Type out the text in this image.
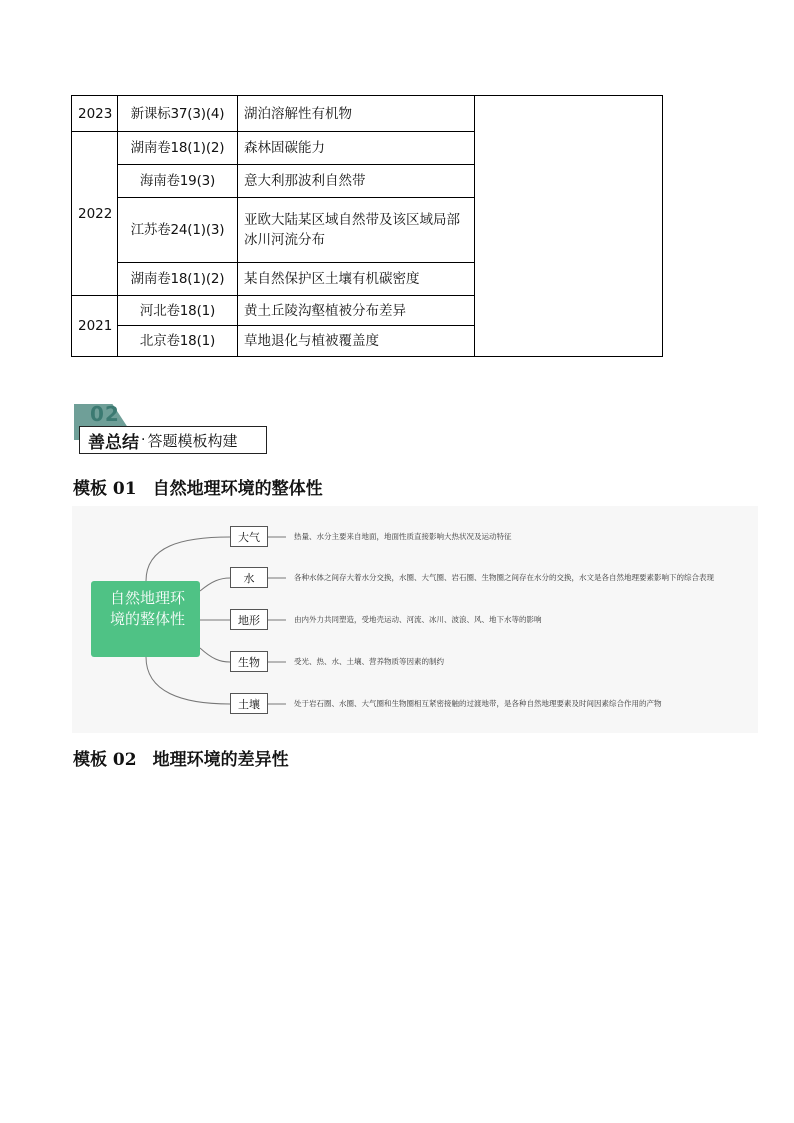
2023	新课标37(3)(4)	湖泊溶解性有机物	
2022	湖南卷18(1)(2)	森林固碳能力	
	海南卷19(3)	意大利那波利自然带	
	江苏卷24(1)(3)	亚欧大陆某区域自然带及该区域局部冰川河流分布	
	湖南卷18(1)(2)	某自然保护区土壤有机碳密度	
2021	河北卷18(1)	黄土丘陵沟壑植被分布差异	
	北京卷18(1)	草地退化与植被覆盖度	
02
善总结 · 答题模板构建
模板 01 自然地理环境的整体性
自然地理环境的整体性
大气	热量、水分主要来自地面，地面性质直接影响大热状况及运动特征
水	各种水体之间存大着水分交换，水圈、大气圈、岩石圈、生物圈之间存在水分的交换，水文是各自然地理要素影响下的综合表现
地形	由内外力共同塑造，受地壳运动、河流、冰川、波浪、风、地下水等的影响
生物	受光、热、水、土壤、营养物质等因素的制约
土壤	处于岩石圈、水圈、大气圈和生物圈相互紧密接触的过渡地带，是各种自然地理要素及时间因素综合作用的产物
模板 02 地理环境的差异性
